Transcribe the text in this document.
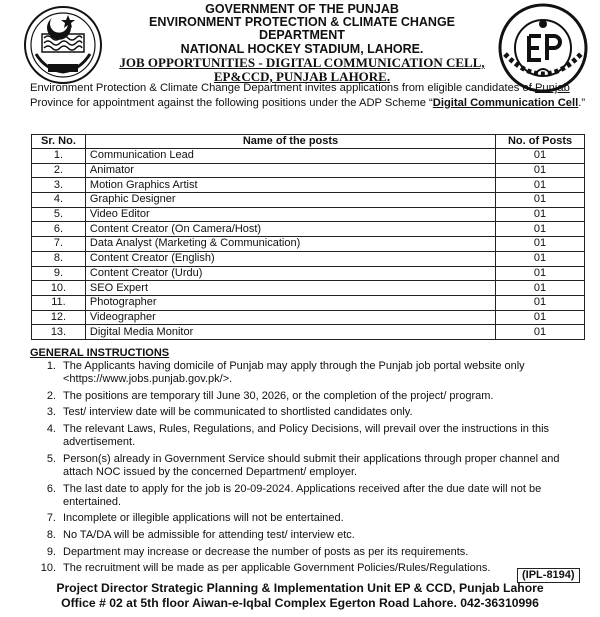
GOVERNMENT OF THE PUNJAB
ENVIRONMENT PROTECTION & CLIMATE CHANGE
DEPARTMENT
NATIONAL HOCKEY STADIUM, LAHORE.
JOB OPPORTUNITIES - DIGITAL COMMUNICATION CELL,
EP&CCD, PUNJAB LAHORE.
Environment Protection & Climate Change Department invites applications from eligible candidates of Punjab Province for appointment against the following positions under the ADP Scheme “Digital Communication Cell.”
Sr. No.	Name of the posts	No. of Posts
1.	Communication Lead	01
2.	Animator	01
3.	Motion Graphics Artist	01
4.	Graphic Designer	01
5.	Video Editor	01
6.	Content Creator (On Camera/Host)	01
7.	Data Analyst (Marketing & Communication)	01
8.	Content Creator (English)	01
9.	Content Creator (Urdu)	01
10.	SEO Expert	01
11.	Photographer	01
12.	Videographer	01
13.	Digital Media Monitor	01
GENERAL INSTRUCTIONS
1. The Applicants having domicile of Punjab may apply through the Punjab job portal website only <https://www.jobs.punjab.gov.pk/>.
2. The positions are temporary till June 30, 2026, or the completion of the project/ program.
3. Test/ interview date will be communicated to shortlisted candidates only.
4. The relevant Laws, Rules, Regulations, and Policy Decisions, will prevail over the instructions in this advertisement.
5. Person(s) already in Government Service should submit their applications through proper channel and attach NOC issued by the concerned Department/ employer.
6. The last date to apply for the job is 20-09-2024. Applications received after the due date will not be entertained.
7. Incomplete or illegible applications will not be entertained.
8. No TA/DA will be admissible for attending test/ interview etc.
9. Department may increase or decrease the number of posts as per its requirements.
10. The recruitment will be made as per applicable Government Policies/Rules/Regulations.
(IPL-8194)
Project Director Strategic Planning & Implementation Unit EP & CCD, Punjab Lahore
Office # 02 at 5th floor Aiwan-e-Iqbal Complex Egerton Road Lahore. 042-36310996
